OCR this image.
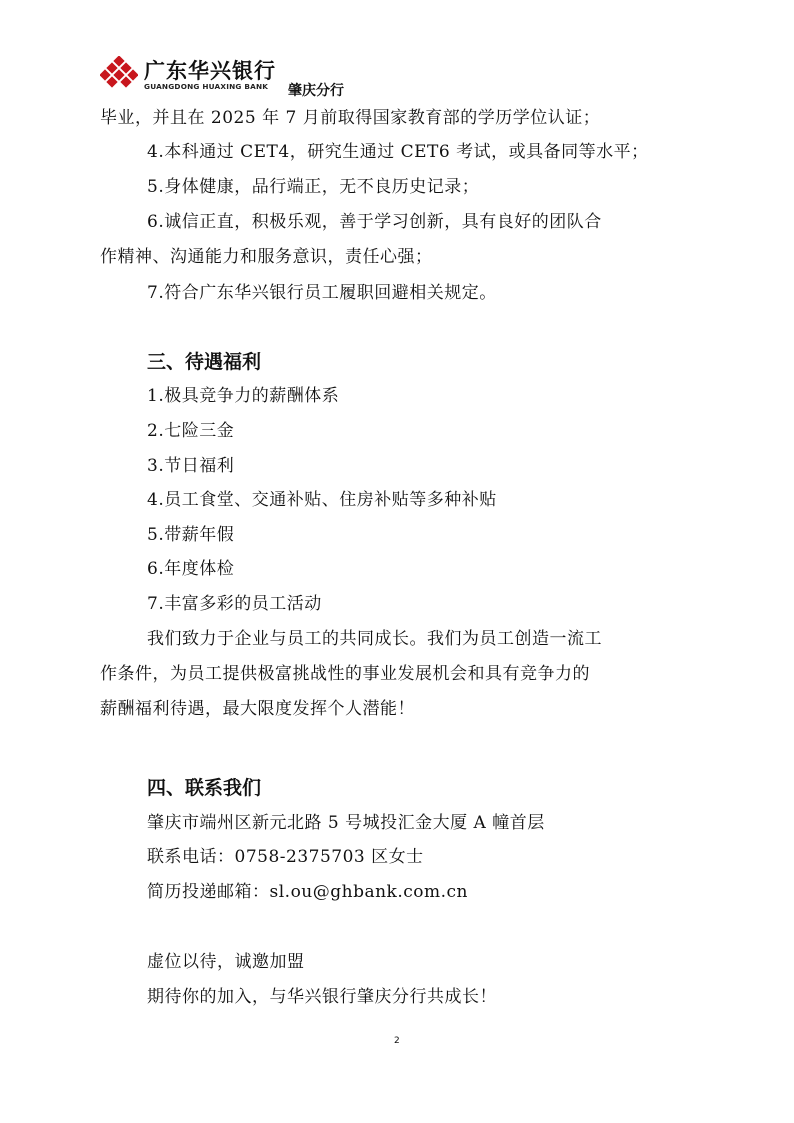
广东华兴银行
GUANGDONG HUAXING BANK 肇庆分行
毕业，并且在 2025 年 7 月前取得国家教育部的学历学位认证；
4.本科通过 CET4，研究生通过 CET6 考试，或具备同等水平；
5.身体健康，品行端正，无不良历史记录；
6.诚信正直，积极乐观，善于学习创新，具有良好的团队合
作精神、沟通能力和服务意识，责任心强；
7.符合广东华兴银行员工履职回避相关规定。
三、待遇福利
1.极具竞争力的薪酬体系
2.七险三金
3.节日福利
4.员工食堂、交通补贴、住房补贴等多种补贴
5.带薪年假
6.年度体检
7.丰富多彩的员工活动
我们致力于企业与员工的共同成长。我们为员工创造一流工
作条件，为员工提供极富挑战性的事业发展机会和具有竞争力的
薪酬福利待遇，最大限度发挥个人潜能！
四、联系我们
肇庆市端州区新元北路 5 号城投汇金大厦 A 幢首层
联系电话：0758-2375703 区女士
简历投递邮箱：sl.ou@ghbank.com.cn
虚位以待，诚邀加盟
期待你的加入，与华兴银行肇庆分行共成长！
2
